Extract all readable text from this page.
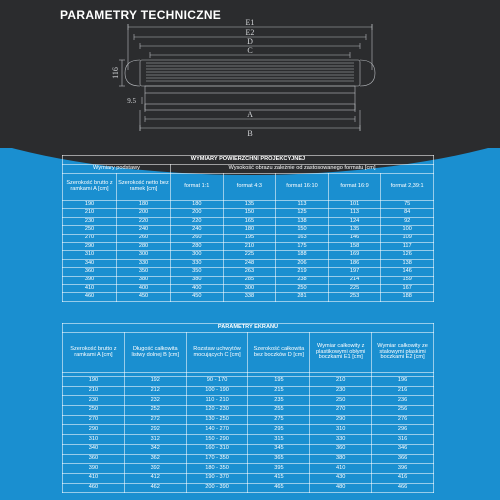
PARAMETRY TECHNICZNE
E1
E2
D
C
A
B
116
9.5
WYMIARY POWIERZCHNI PROJEKCYJNEJ						
Wymiary podstawy		Wysokość obrazu zależnie od zastosowanego formatu [cm]				
Szerokość brutto z ramkami A [cm]	Szerokość netto bez ramek [cm]	format 1:1	format 4:3	format 16:10	format 16:9	format 2,39:1
190	180	180	135	113	101	75
210	200	200	150	125	113	84
230	220	220	165	138	124	92
250	240	240	180	150	135	100
270	260	260	195	163	146	109
290	280	280	210	175	158	117
310	300	300	225	188	169	126
340	330	330	248	206	186	138
360	350	350	263	219	197	146
390	380	380	285	238	214	159
410	400	400	300	250	225	167
460	450	450	338	281	253	188
PARAMETRY EKRANU					
Szerokość brutto z ramkami A [cm]	Długość całkowita listwy dolnej B [cm]	Rozstaw uchwytów mocujących C [cm]	Szerokość całkowita bez boczków D [cm]	Wymiar całkowity z plastikowymi obłymi boczkami E1 [cm]	Wymiar całkowity ze stalowymi płaskimi boczkami E2 [cm]

190	192	90 - 170	195	210	196
210	212	100 - 190	215	230	216
230	232	110 - 210	235	250	236
250	252	120 - 230	255	270	256
270	272	130 - 250	275	290	276
290	292	140 - 270	295	310	296
310	312	150 - 290	315	330	316
340	342	160 - 310	345	360	346
360	362	170 - 350	365	380	366
390	392	180 - 350	395	410	396
410	412	190 - 370	415	430	416
460	462	200 - 390	465	480	466
